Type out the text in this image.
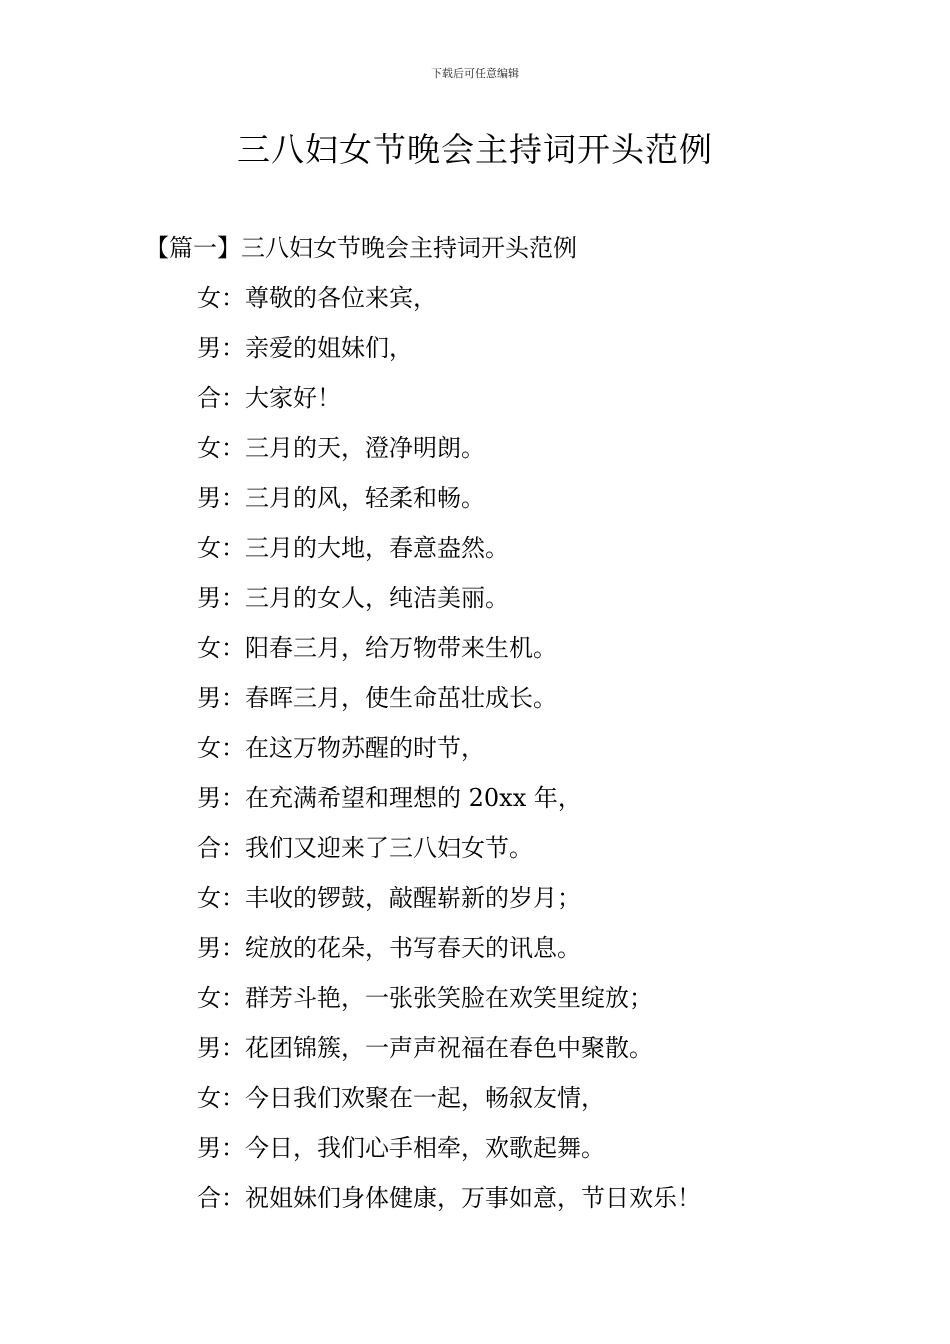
下载后可任意编辑
三八妇女节晚会主持词开头范例
【篇一】三八妇女节晚会主持词开头范例
女 ： 尊敬的各位来宾，
男 ： 亲爱的姐妹们，
合 ： 大家好！
女 ： 三月的天，澄净明朗。
男 ： 三月的风，轻柔和畅。
女 ： 三月的大地，春意盎然。
男 ： 三月的女人，纯洁美丽。
女 ： 阳春三月，给万物带来生机。
男 ： 春晖三月，使生命茁壮成长。
女 ： 在这万物苏醒的时节，
男 ： 在充满希望和理想的 20xx 年，
合 ： 我们又迎来了三八妇女节。
女 ： 丰收的锣鼓，敲醒崭新的岁月；
男 ： 绽放的花朵，书写春天的讯息。
女 ： 群芳斗艳，一张张笑脸在欢笑里绽放；
男 ： 花团锦簇，一声声祝福在春色中聚散。
女 ： 今日我们欢聚在一起，畅叙友情，
男 ： 今日，我们心手相牵，欢歌起舞。
合 ： 祝姐妹们身体健康，万事如意，节日欢乐！
